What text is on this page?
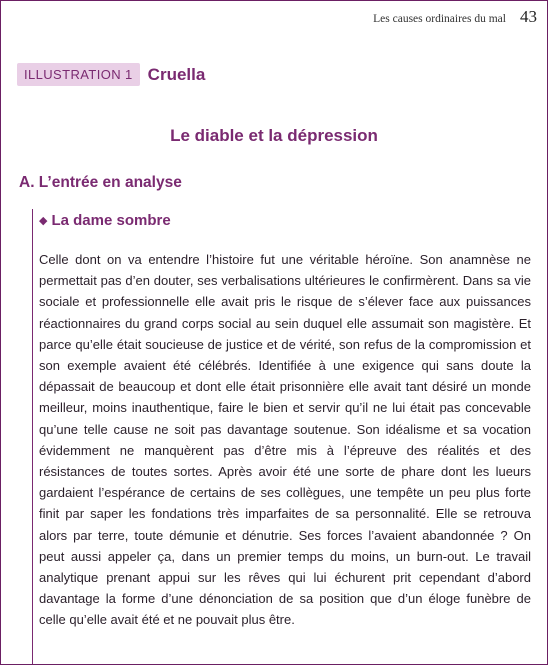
Les causes ordinaires du mal 43
ILLUSTRATION 1 Cruella
Le diable et la dépression
A. L’entrée en analyse
◆ La dame sombre

Celle dont on va entendre l’histoire fut une véritable héroïne. Son anamnèse ne permettait pas d’en douter, ses verbalisations ultérieures le confirmèrent. Dans sa vie sociale et professionnelle elle avait pris le risque de s’élever face aux puissances réactionnaires du grand corps social au sein duquel elle assumait son magistère. Et parce qu’elle était soucieuse de justice et de vérité, son refus de la compromission et son exemple avaient été célébrés. Identifiée à une exigence qui sans doute la dépassait de beaucoup et dont elle était prisonnière elle avait tant désiré un monde meilleur, moins inauthentique, faire le bien et servir qu’il ne lui était pas concevable qu’une telle cause ne soit pas davantage soutenue. Son idéalisme et sa vocation évidemment ne manquèrent pas d’être mis à l’épreuve des réalités et des résistances de toutes sortes. Après avoir été une sorte de phare dont les lueurs gardaient l’espérance de certains de ses collègues, une tempête un peu plus forte finit par saper les fondations très imparfaites de sa personnalité. Elle se retrouva alors par terre, toute démunie et dénutrie. Ses forces l’avaient abandonnée ? On peut aussi appeler ça, dans un premier temps du moins, un burn-out. Le travail analytique prenant appui sur les rêves qui lui échurent prit cependant d’abord davantage la forme d’une dénonciation de sa position que d’un éloge funèbre de celle qu’elle avait été et ne pouvait plus être.
